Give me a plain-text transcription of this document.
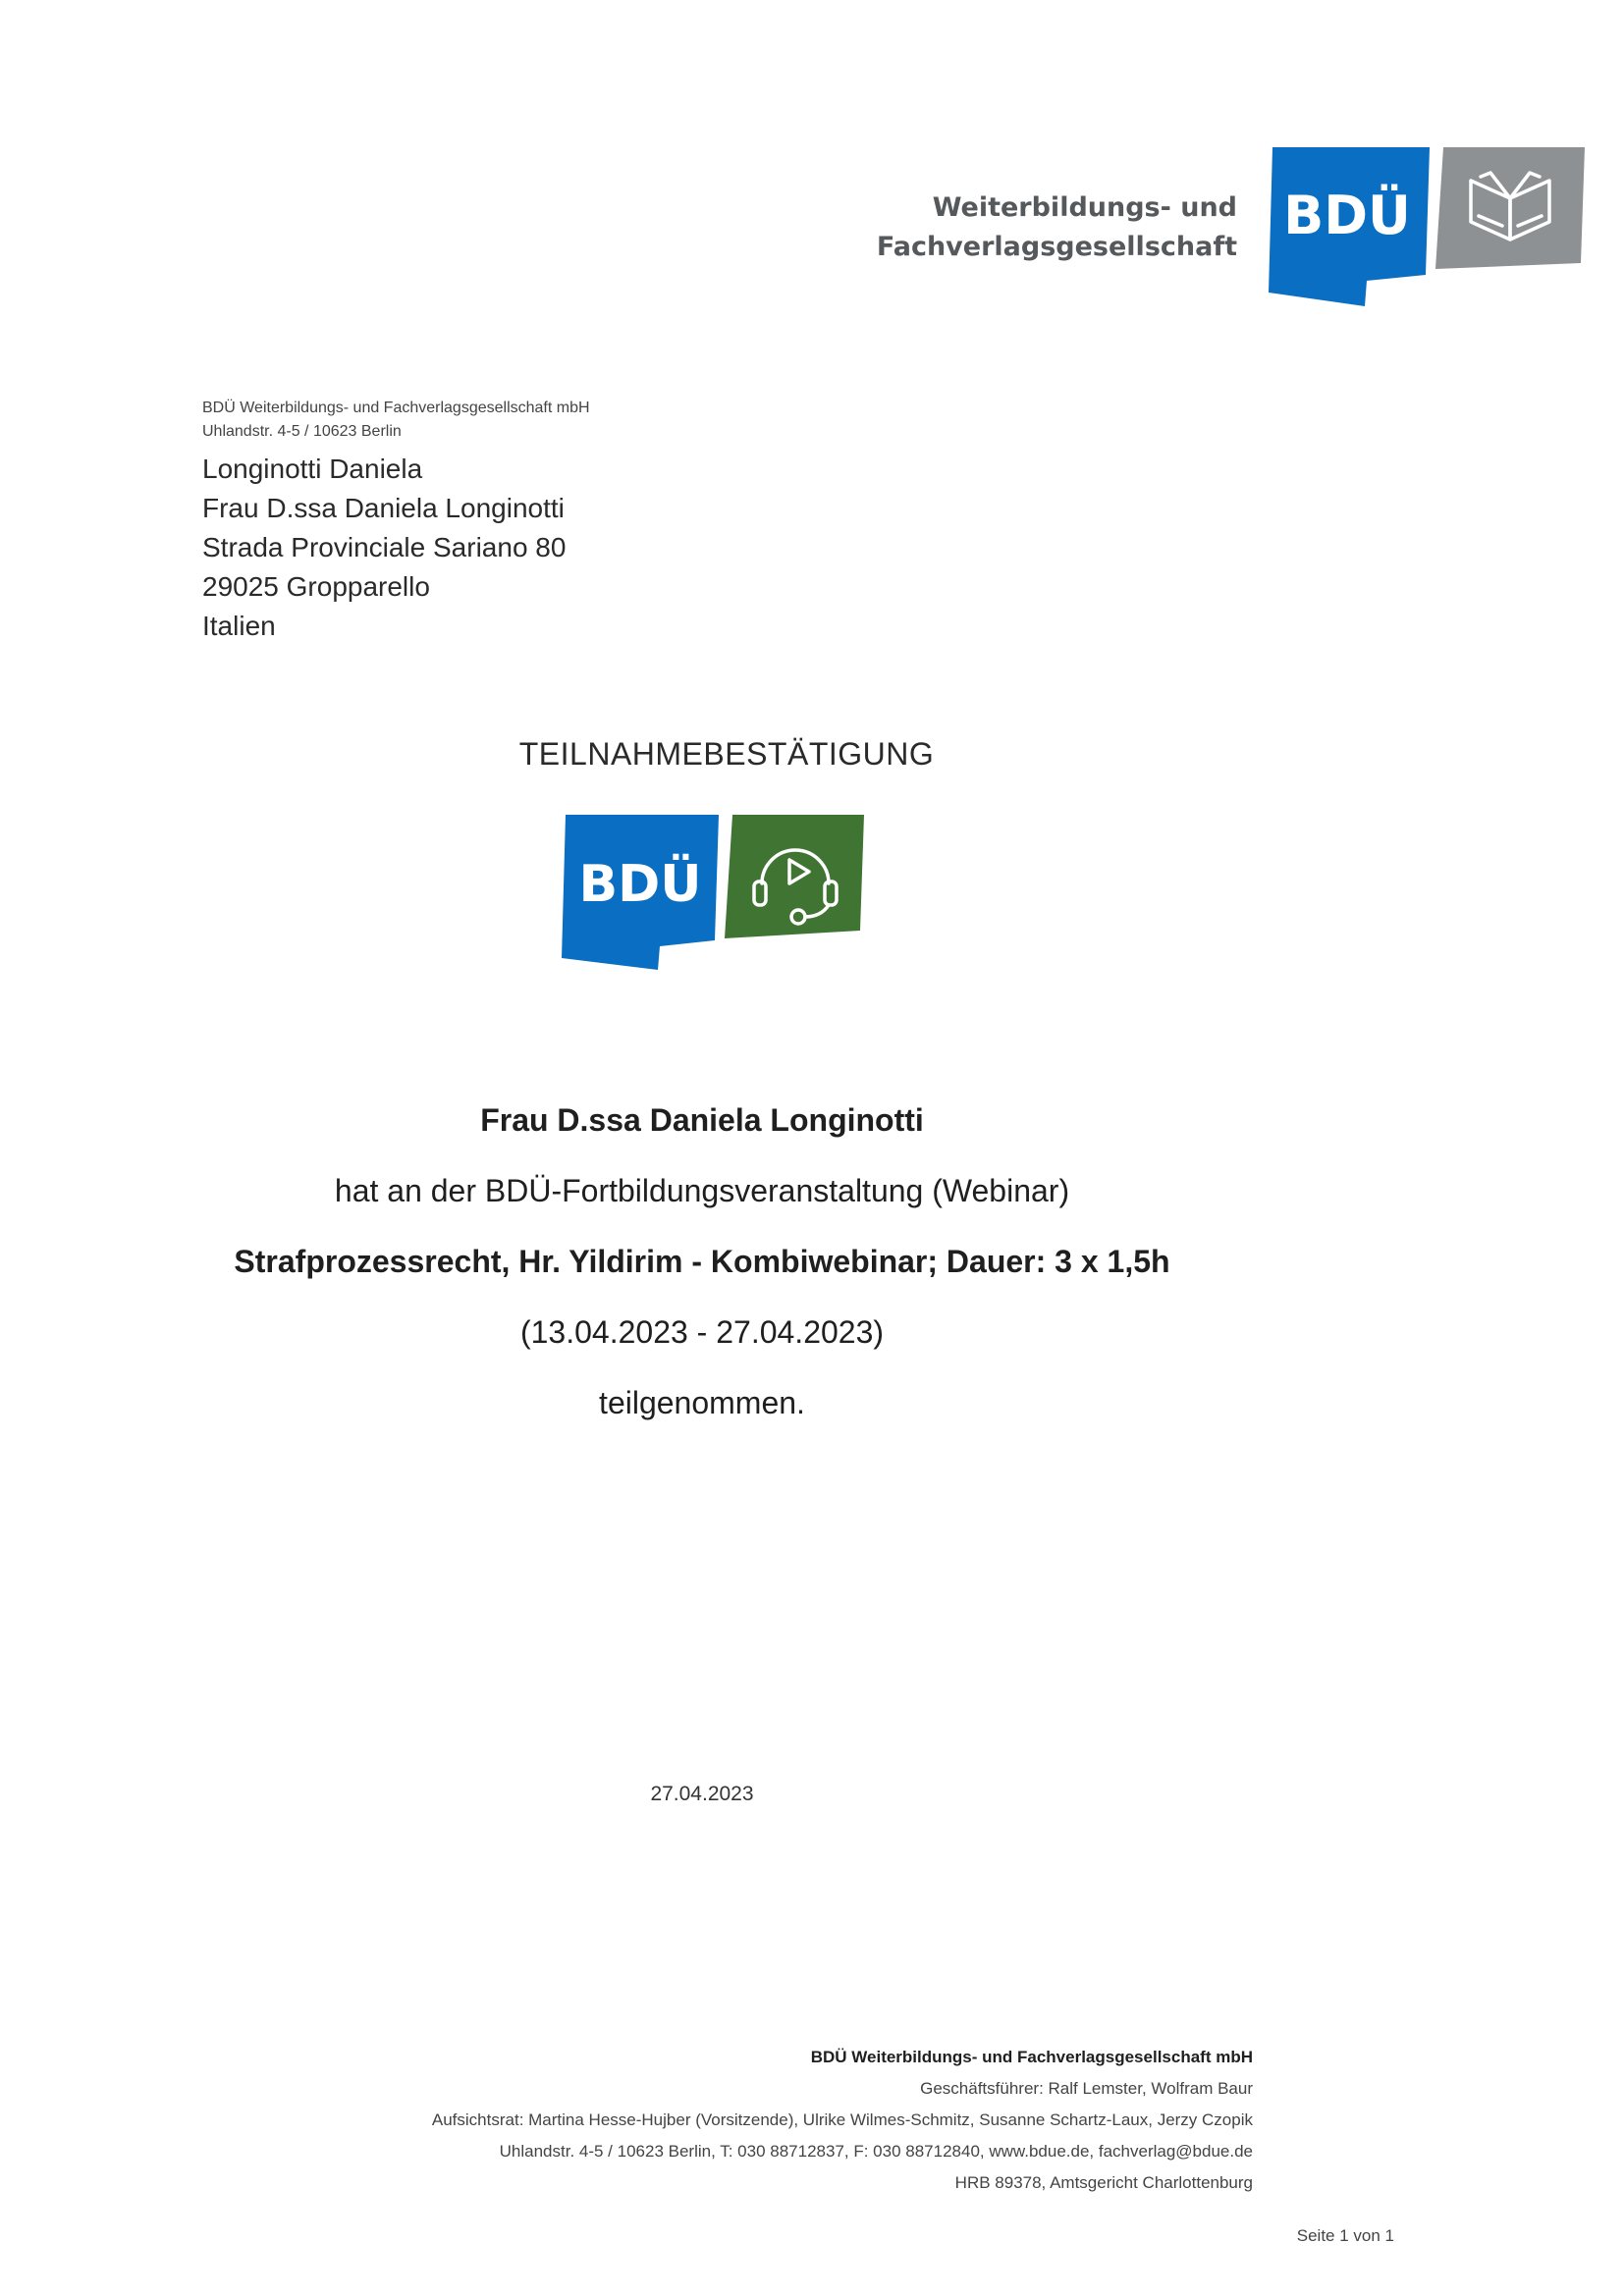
Weiterbildungs- und
Fachverlagsgesellschaft
BDÜ
BDÜ Weiterbildungs- und Fachverlagsgesellschaft mbH
Uhlandstr. 4-5 / 10623 Berlin
Longinotti Daniela
Frau D.ssa Daniela Longinotti
Strada Provinciale Sariano 80
29025 Gropparello
Italien
TEILNAHMEBESTÄTIGUNG
BDÜ
Frau D.ssa Daniela Longinotti
hat an der BDÜ-Fortbildungsveranstaltung (Webinar)
Strafprozessrecht, Hr. Yildirim - Kombiwebinar; Dauer: 3 x 1,5h
(13.04.2023 - 27.04.2023)
teilgenommen.
27.04.2023
BDÜ Weiterbildungs- und Fachverlagsgesellschaft mbH
Geschäftsführer: Ralf Lemster, Wolfram Baur
Aufsichtsrat: Martina Hesse-Hujber (Vorsitzende), Ulrike Wilmes-Schmitz, Susanne Schartz-Laux, Jerzy Czopik
Uhlandstr. 4-5 / 10623 Berlin, T: 030 88712837, F: 030 88712840, www.bdue.de, fachverlag@bdue.de
HRB 89378, Amtsgericht Charlottenburg
Seite 1 von 1
